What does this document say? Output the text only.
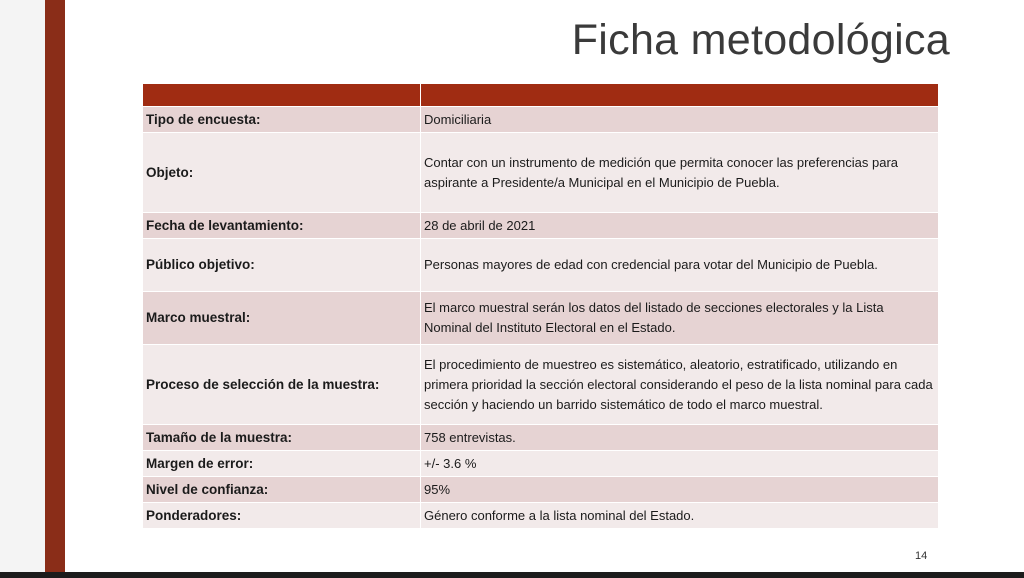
Ficha metodológica

Tipo de encuesta:	Domiciliaria
Objeto:	Contar con un instrumento de medición que permita conocer las preferencias para aspirante a Presidente/a Municipal en el Municipio de Puebla.
Fecha de levantamiento:	28 de abril de 2021
Público objetivo:	Personas mayores de edad con credencial para votar del Municipio de Puebla.
Marco muestral:	El marco muestral serán los datos del listado de secciones electorales y la Lista Nominal del Instituto Electoral en el Estado.
Proceso de selección de la muestra:	El procedimiento de muestreo es sistemático, aleatorio, estratificado, utilizando en primera prioridad la sección electoral considerando el peso de la lista nominal para cada sección y haciendo un barrido sistemático de todo el marco muestral.
Tamaño de la muestra:	758 entrevistas.
Margen de error:	+/- 3.6 %
Nivel de confianza:	95%
Ponderadores:	Género conforme a la lista nominal del Estado.
14
